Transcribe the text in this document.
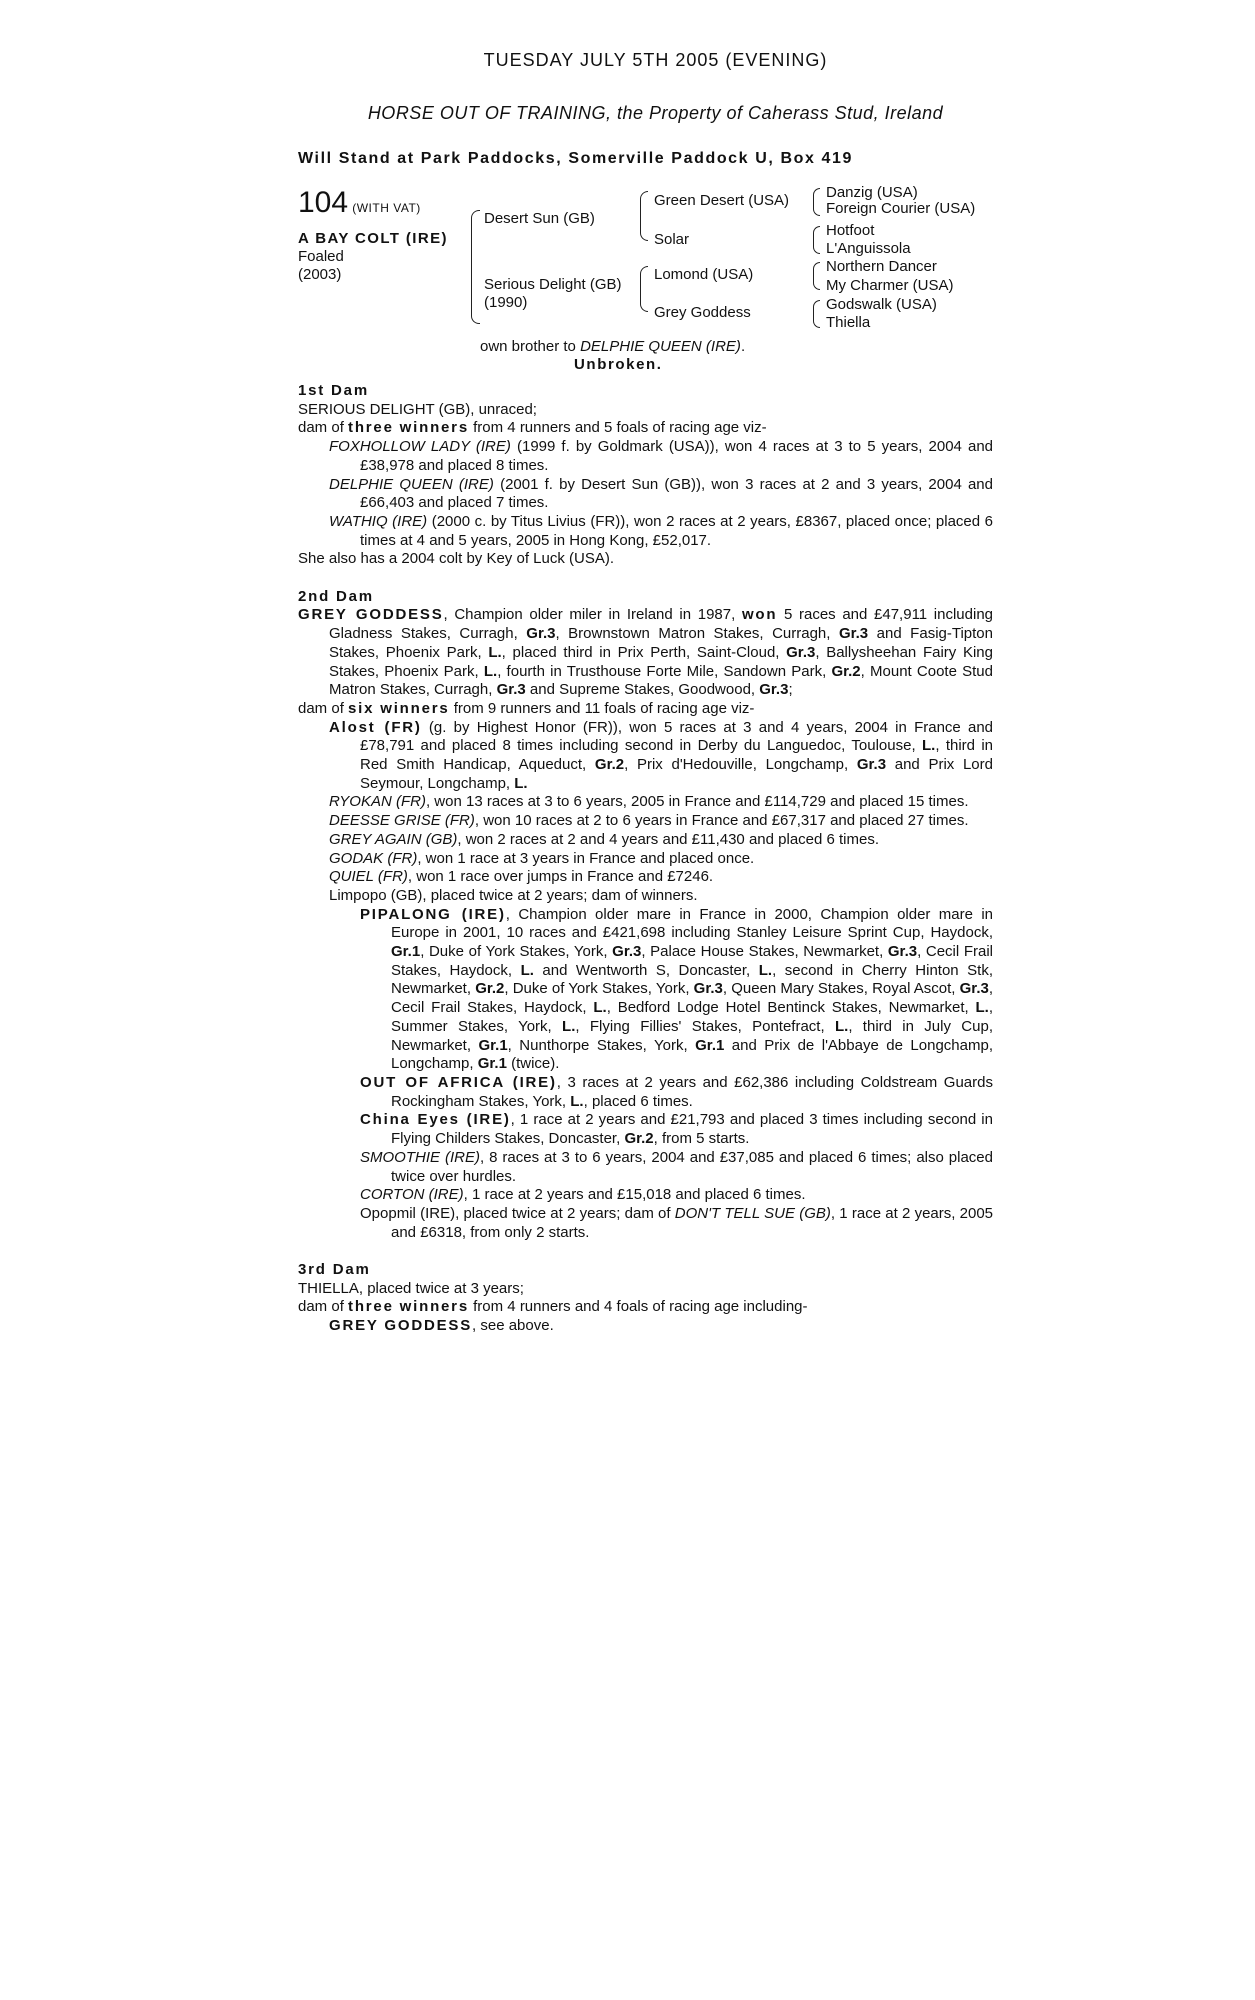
TUESDAY JULY 5TH 2005 (EVENING)
HORSE OUT OF TRAINING, the Property of Caherass Stud, Ireland
Will Stand at Park Paddocks, Somerville Paddock U, Box 419
104 (WITH VAT)
A BAY COLT (IRE)
Foaled
(2003)
Desert Sun (GB)
Serious Delight (GB)
(1990)
Green Desert (USA)
Solar
Lomond (USA)
Grey Goddess
Danzig (USA)
Foreign Courier (USA)
Hotfoot
L'Anguissola
Northern Dancer
My Charmer (USA)
Godswalk (USA)
Thiella
own brother to DELPHIE QUEEN (IRE).
Unbroken.

1st Dam

SERIOUS DELIGHT (GB), unraced;

dam of three winners from 4 runners and 5 foals of racing age viz-

FOXHOLLOW LADY (IRE) (1999 f. by Goldmark (USA)), won 4 races at 3 to 5 years, 2004 and £38,978 and placed 8 times.

DELPHIE QUEEN (IRE) (2001 f. by Desert Sun (GB)), won 3 races at 2 and 3 years, 2004 and £66,403 and placed 7 times.

WATHIQ (IRE) (2000 c. by Titus Livius (FR)), won 2 races at 2 years, £8367, placed once; placed 6 times at 4 and 5 years, 2005 in Hong Kong, £52,017.

She also has a 2004 colt by Key of Luck (USA).

2nd Dam

GREY GODDESS, Champion older miler in Ireland in 1987, won 5 races and £47,911 including Gladness Stakes, Curragh, Gr.3, Brownstown Matron Stakes, Curragh, Gr.3 and Fasig-Tipton Stakes, Phoenix Park, L., placed third in Prix Perth, Saint-Cloud, Gr.3, Ballysheehan Fairy King Stakes, Phoenix Park, L., fourth in Trusthouse Forte Mile, Sandown Park, Gr.2, Mount Coote Stud Matron Stakes, Curragh, Gr.3 and Supreme Stakes, Goodwood, Gr.3;

dam of six winners from 9 runners and 11 foals of racing age viz-

Alost (FR) (g. by Highest Honor (FR)), won 5 races at 3 and 4 years, 2004 in France and £78,791 and placed 8 times including second in Derby du Languedoc, Toulouse, L., third in Red Smith Handicap, Aqueduct, Gr.2, Prix d'Hedouville, Longchamp, Gr.3 and Prix Lord Seymour, Longchamp, L.

RYOKAN (FR), won 13 races at 3 to 6 years, 2005 in France and £114,729 and placed 15 times.

DEESSE GRISE (FR), won 10 races at 2 to 6 years in France and £67,317 and placed 27 times.

GREY AGAIN (GB), won 2 races at 2 and 4 years and £11,430 and placed 6 times.

GODAK (FR), won 1 race at 3 years in France and placed once.

QUIEL (FR), won 1 race over jumps in France and £7246.

Limpopo (GB), placed twice at 2 years; dam of winners.

PIPALONG (IRE), Champion older mare in France in 2000, Champion older mare in Europe in 2001, 10 races and £421,698 including Stanley Leisure Sprint Cup, Haydock, Gr.1, Duke of York Stakes, York, Gr.3, Palace House Stakes, Newmarket, Gr.3, Cecil Frail Stakes, Haydock, L. and Wentworth S, Doncaster, L., second in Cherry Hinton Stk, Newmarket, Gr.2, Duke of York Stakes, York, Gr.3, Queen Mary Stakes, Royal Ascot, Gr.3, Cecil Frail Stakes, Haydock, L., Bedford Lodge Hotel Bentinck Stakes, Newmarket, L., Summer Stakes, York, L., Flying Fillies' Stakes, Pontefract, L., third in July Cup, Newmarket, Gr.1, Nunthorpe Stakes, York, Gr.1 and Prix de l'Abbaye de Longchamp, Longchamp, Gr.1 (twice).

OUT OF AFRICA (IRE), 3 races at 2 years and £62,386 including Coldstream Guards Rockingham Stakes, York, L., placed 6 times.

China Eyes (IRE), 1 race at 2 years and £21,793 and placed 3 times including second in Flying Childers Stakes, Doncaster, Gr.2, from 5 starts.

SMOOTHIE (IRE), 8 races at 3 to 6 years, 2004 and £37,085 and placed 6 times; also placed twice over hurdles.

CORTON (IRE), 1 race at 2 years and £15,018 and placed 6 times.

Opopmil (IRE), placed twice at 2 years; dam of DON'T TELL SUE (GB), 1 race at 2 years, 2005 and £6318, from only 2 starts.

3rd Dam

THIELLA, placed twice at 3 years;

dam of three winners from 4 runners and 4 foals of racing age including-

GREY GODDESS, see above.
